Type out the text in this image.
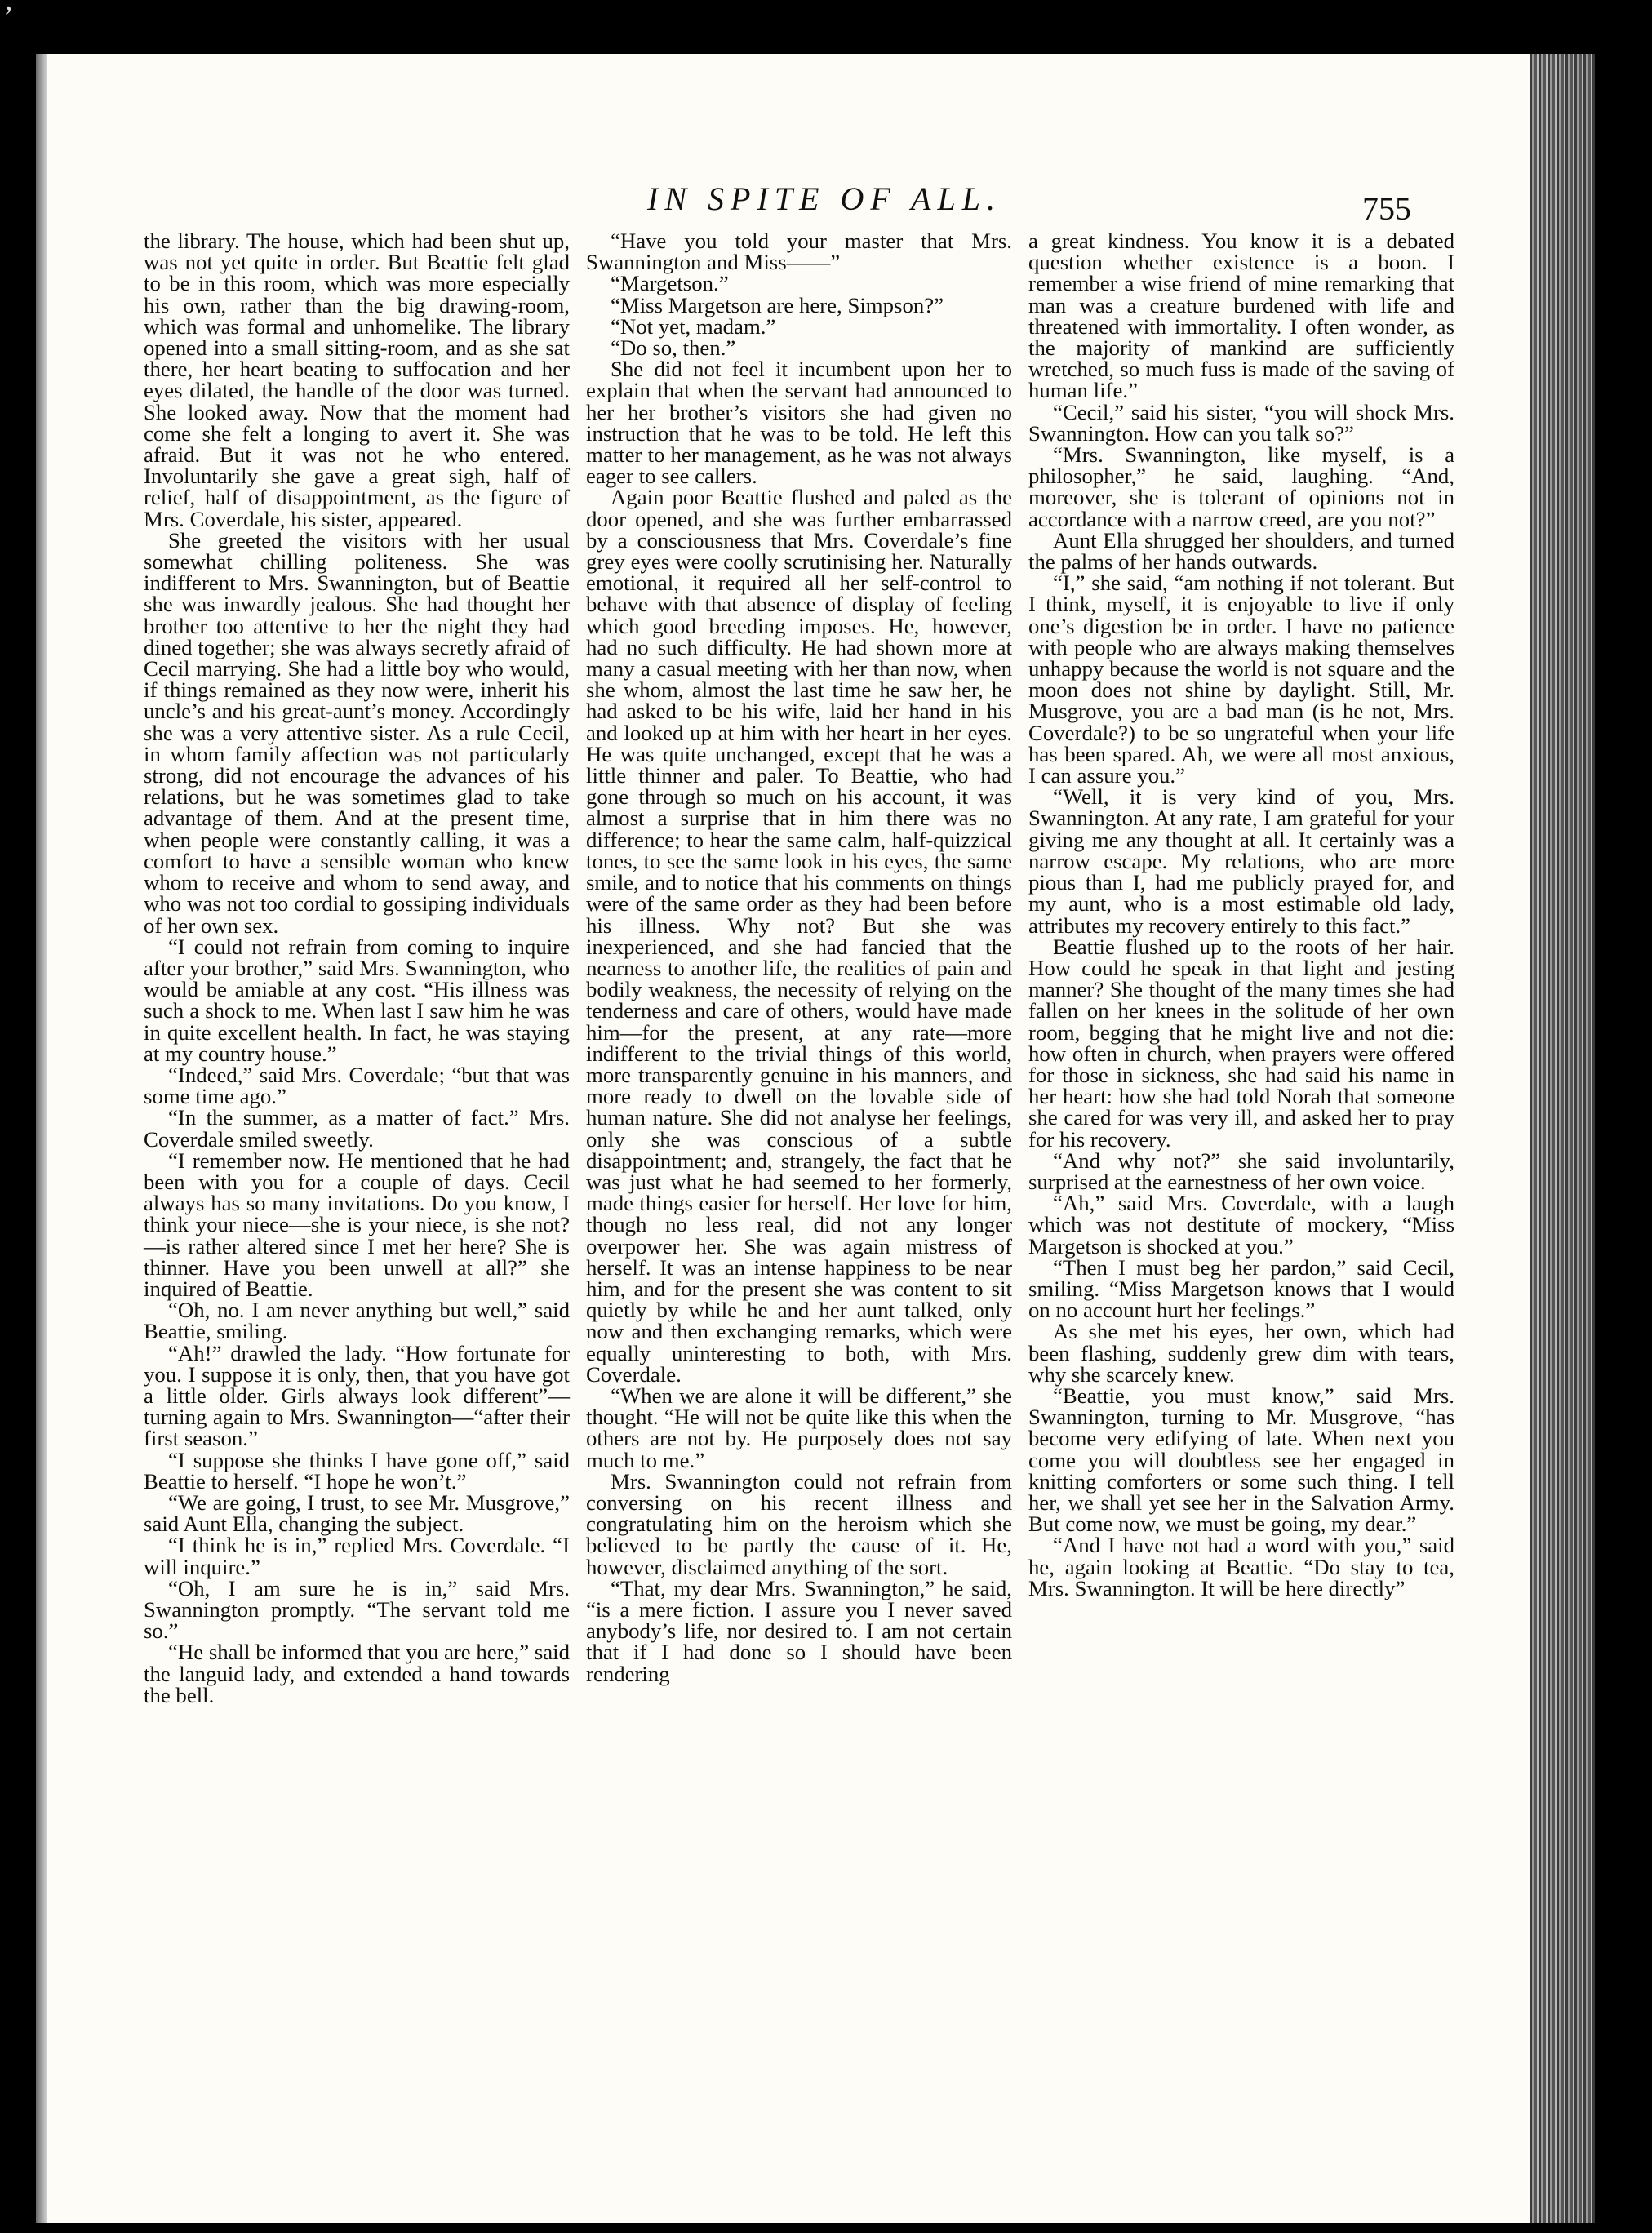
’
IN SPITE OF ALL.	755

the library. The house, which had been shut up, was not yet quite in order. But Beattie felt glad to be in this room, which was more especially his own, rather than the big drawing-room, which was formal and unhomelike. The library opened into a small sitting-room, and as she sat there, her heart beating to suffocation and her eyes dilated, the handle of the door was turned. She looked away. Now that the moment had come she felt a longing to avert it. She was afraid. But it was not he who entered. Involuntarily she gave a great sigh, half of relief, half of disappointment, as the figure of Mrs. Coverdale, his sister, appeared.

She greeted the visitors with her usual somewhat chilling politeness. She was indifferent to Mrs. Swannington, but of Beattie she was inwardly jealous. She had thought her brother too attentive to her the night they had dined together; she was always secretly afraid of Cecil marrying. She had a little boy who would, if things remained as they now were, inherit his uncle’s and his great-aunt’s money. Accordingly she was a very attentive sister. As a rule Cecil, in whom family affection was not particularly strong, did not encourage the advances of his relations, but he was sometimes glad to take advantage of them. And at the present time, when people were constantly calling, it was a comfort to have a sensible woman who knew whom to receive and whom to send away, and who was not too cordial to gossiping individuals of her own sex.

“I could not refrain from coming to inquire after your brother,” said Mrs. Swannington, who would be amiable at any cost. “His illness was such a shock to me. When last I saw him he was in quite excellent health. In fact, he was staying at my country house.”

“Indeed,” said Mrs. Coverdale; “but that was some time ago.”

“In the summer, as a matter of fact.” Mrs. Coverdale smiled sweetly.

“I remember now. He mentioned that he had been with you for a couple of days. Cecil always has so many invitations. Do you know, I think your niece—she is your niece, is she not?—is rather altered since I met her here? She is thinner. Have you been unwell at all?” she inquired of Beattie.

“Oh, no. I am never anything but well,” said Beattie, smiling.

“Ah!” drawled the lady. “How fortunate for you. I suppose it is only, then, that you have got a little older. Girls always look different”—turning again to Mrs. Swannington—“after their first season.”

“I suppose she thinks I have gone off,” said Beattie to herself. “I hope he won’t.”

“We are going, I trust, to see Mr. Musgrove,” said Aunt Ella, changing the subject.

“I think he is in,” replied Mrs. Coverdale. “I will inquire.”

“Oh, I am sure he is in,” said Mrs. Swannington promptly. “The servant told me so.”

“He shall be informed that you are here,” said the languid lady, and extended a hand towards the bell.

“Have you told your master that Mrs. Swannington and Miss——”

“Margetson.”

“Miss Margetson are here, Simpson?”

“Not yet, madam.”

“Do so, then.”

She did not feel it incumbent upon her to explain that when the servant had announced to her her brother’s visitors she had given no instruction that he was to be told. He left this matter to her management, as he was not always eager to see callers.

Again poor Beattie flushed and paled as the door opened, and she was further embarrassed by a consciousness that Mrs. Coverdale’s fine grey eyes were coolly scrutinising her. Naturally emotional, it required all her self-control to behave with that absence of display of feeling which good breeding imposes. He, however, had no such difficulty. He had shown more at many a casual meeting with her than now, when she whom, almost the last time he saw her, he had asked to be his wife, laid her hand in his and looked up at him with her heart in her eyes. He was quite unchanged, except that he was a little thinner and paler. To Beattie, who had gone through so much on his account, it was almost a surprise that in him there was no difference; to hear the same calm, half-quizzical tones, to see the same look in his eyes, the same smile, and to notice that his comments on things were of the same order as they had been before his illness. Why not? But she was inexperienced, and she had fancied that the nearness to another life, the realities of pain and bodily weakness, the necessity of relying on the tenderness and care of others, would have made him—for the present, at any rate—more indifferent to the trivial things of this world, more transparently genuine in his manners, and more ready to dwell on the lovable side of human nature. She did not analyse her feelings, only she was conscious of a subtle disappointment; and, strangely, the fact that he was just what he had seemed to her formerly, made things easier for herself. Her love for him, though no less real, did not any longer overpower her. She was again mistress of herself. It was an intense happiness to be near him, and for the present she was content to sit quietly by while he and her aunt talked, only now and then exchanging remarks, which were equally uninteresting to both, with Mrs. Coverdale.

“When we are alone it will be different,” she thought. “He will not be quite like this when the others are not by. He purposely does not say much to me.”

Mrs. Swannington could not refrain from conversing on his recent illness and congratulating him on the heroism which she believed to be partly the cause of it. He, however, disclaimed anything of the sort.

“That, my dear Mrs. Swannington,” he said, “is a mere fiction. I assure you I never saved anybody’s life, nor desired to. I am not certain that if I had done so I should have been rendering

a great kindness. You know it is a debated question whether existence is a boon. I remember a wise friend of mine remarking that man was a creature burdened with life and threatened with immortality. I often wonder, as the majority of mankind are sufficiently wretched, so much fuss is made of the saving of human life.”

“Cecil,” said his sister, “you will shock Mrs. Swannington. How can you talk so?”

“Mrs. Swannington, like myself, is a philosopher,” he said, laughing. “And, moreover, she is tolerant of opinions not in accordance with a narrow creed, are you not?”

Aunt Ella shrugged her shoulders, and turned the palms of her hands outwards.

“I,” she said, “am nothing if not tolerant. But I think, myself, it is enjoyable to live if only one’s digestion be in order. I have no patience with people who are always making themselves unhappy because the world is not square and the moon does not shine by daylight. Still, Mr. Musgrove, you are a bad man (is he not, Mrs. Coverdale?) to be so ungrateful when your life has been spared. Ah, we were all most anxious, I can assure you.”

“Well, it is very kind of you, Mrs. Swannington. At any rate, I am grateful for your giving me any thought at all. It certainly was a narrow escape. My relations, who are more pious than I, had me publicly prayed for, and my aunt, who is a most estimable old lady, attributes my recovery entirely to this fact.”

Beattie flushed up to the roots of her hair. How could he speak in that light and jesting manner? She thought of the many times she had fallen on her knees in the solitude of her own room, begging that he might live and not die: how often in church, when prayers were offered for those in sickness, she had said his name in her heart: how she had told Norah that someone she cared for was very ill, and asked her to pray for his recovery.

“And why not?” she said involuntarily, surprised at the earnestness of her own voice.

“Ah,” said Mrs. Coverdale, with a laugh which was not destitute of mockery, “Miss Margetson is shocked at you.”

“Then I must beg her pardon,” said Cecil, smiling. “Miss Margetson knows that I would on no account hurt her feelings.”

As she met his eyes, her own, which had been flashing, suddenly grew dim with tears, why she scarcely knew.

“Beattie, you must know,” said Mrs. Swannington, turning to Mr. Musgrove, “has become very edifying of late. When next you come you will doubtless see her engaged in knitting comforters or some such thing. I tell her, we shall yet see her in the Salvation Army. But come now, we must be going, my dear.”

“And I have not had a word with you,” said he, again looking at Beattie. “Do stay to tea, Mrs. Swannington. It will be here directly”
